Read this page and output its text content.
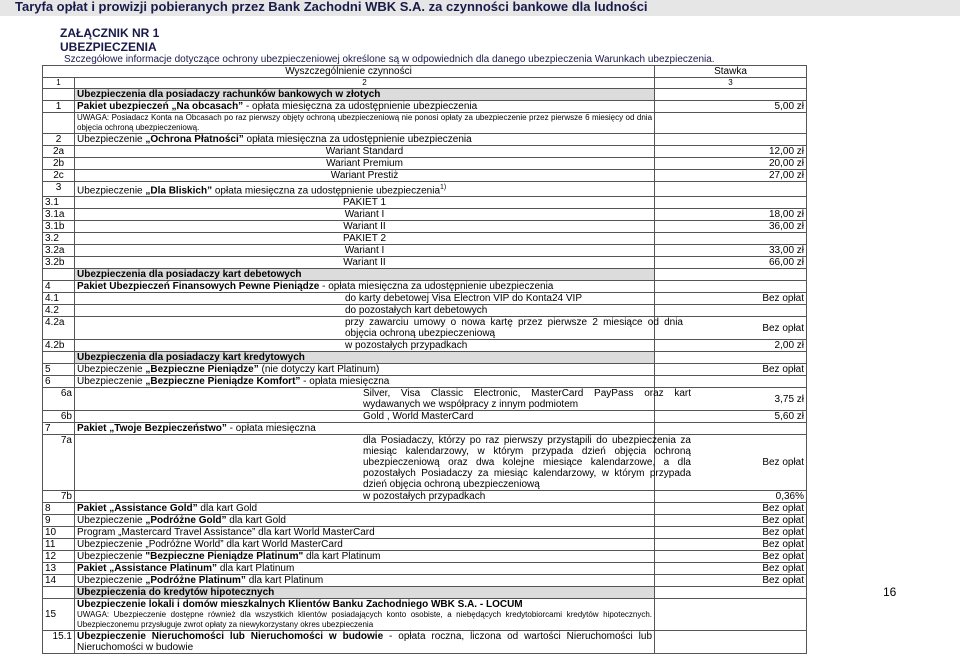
Taryfa opłat i prowizji pobieranych przez Bank Zachodni WBK S.A. za czynności bankowe dla ludności
ZAŁĄCZNIK NR 1
UBEZPIECZENIA
Szczegółowe informacje dotyczące ochrony ubezpieczeniowej określone są w odpowiednich dla danego ubezpieczenia Warunkach ubezpieczenia.
Wyszczególnienie czynności		Stawka
1	2	3
	Ubezpieczenia dla posiadaczy rachunków bankowych w złotych	
1	Pakiet ubezpieczeń „Na obcasach” - opłata miesięczna za udostępnienie ubezpieczenia	5,00 zł
	UWAGA: Posiadacz Konta na Obcasach po raz pierwszy objęty ochroną ubezpieczeniową nie ponosi opłaty za ubezpieczenie przez pierwsze 6 miesięcy od dnia objęcia ochroną ubezpieczeniową.	
2	Ubezpieczenie „Ochrona Płatności” opłata miesięczna za udostępnienie ubezpieczenia	
2a	Wariant Standard	12,00 zł
2b	Wariant Premium	20,00 zł
2c	Wariant Prestiż	27,00 zł
3	Ubezpieczenie „Dla Bliskich” opłata miesięczna za udostępnienie ubezpieczenia$^{1)}$	
3.1	PAKIET 1	
3.1a	Wariant I	18,00 zł
3.1b	Wariant II	36,00 zł
3.2	PAKIET 2	
3.2a	Wariant I	33,00 zł
3.2b	Wariant II	66,00 zł
	Ubezpieczenia dla posiadaczy kart debetowych	
4	Pakiet Ubezpieczeń Finansowych Pewne Pieniądze - opłata miesięczna za udostępnienie ubezpieczenia	
4.1	do karty debetowej Visa Electron VIP do Konta24 VIP	Bez opłat
4.2	do pozostałych kart debetowych	
4.2a	przy zawarciu umowy o nowa kartę przez pierwsze 2 miesiące od dnia objęcia ochroną ubezpieczeniową	Bez opłat
4.2b	w pozostałych przypadkach	2,00 zł
	Ubezpieczenia dla posiadaczy kart kredytowych	
5	Ubezpieczenie „Bezpieczne Pieniądze” (nie dotyczy kart Platinum)	Bez opłat
6	Ubezpieczenie „Bezpieczne Pieniądze Komfort” - opłata miesięczna	
6a	Silver, Visa Classic Electronic, MasterCard PayPass oraz kart wydawanych we współpracy z innym podmiotem	3,75 zł
6b	Gold , World MasterCard	5,60 zł
7	Pakiet „Twoje Bezpieczeństwo” - opłata miesięczna	
7a	dla Posiadaczy, którzy po raz pierwszy przystąpili do ubezpieczenia za miesiąc kalendarzowy, w którym przypada dzień objęcia ochroną ubezpieczeniową oraz dwa kolejne miesiące kalendarzowe, a dla pozostałych Posiadaczy za miesiąc kalendarzowy, w którym przypada dzień objęcia ochroną ubezpieczeniową	Bez opłat
7b	w pozostałych przypadkach	0,36%
8	Pakiet „Assistance Gold” dla kart Gold	Bez opłat
9	Ubezpieczenie „Podróżne Gold” dla kart Gold	Bez opłat
10	Program „Mastercard Travel Assistance” dla kart World MasterCard	Bez opłat
11	Ubezpieczenie „Podróżne World” dla kart World MasterCard	Bez opłat
12	Ubezpieczenie "Bezpieczne Pieniądze Platinum" dla kart Platinum	Bez opłat
13	Pakiet „Assistance Platinum” dla kart Platinum	Bez opłat
14	Ubezpieczenie „Podróżne Platinum” dla kart Platinum	Bez opłat
	Ubezpieczenia do kredytów hipotecznych	
15	Ubezpieczenie lokali i domów mieszkalnych Klientów Banku Zachodniego WBK S.A. - LOCUM
UWAGA: Ubezpieczenie dostępne również dla wszystkich klientów posiadających konto osobiste, a niebędących kredytobiorcami kredytów hipotecznych. Ubezpieczonemu przysługuje zwrot opłaty za niewykorzystany okres ubezpieczenia	

15.1	Ubezpieczenie Nieruchomości lub Nieruchomości w budowie - opłata roczna, liczona od wartości Nieruchomości lub Nieruchomości w budowie	
16
